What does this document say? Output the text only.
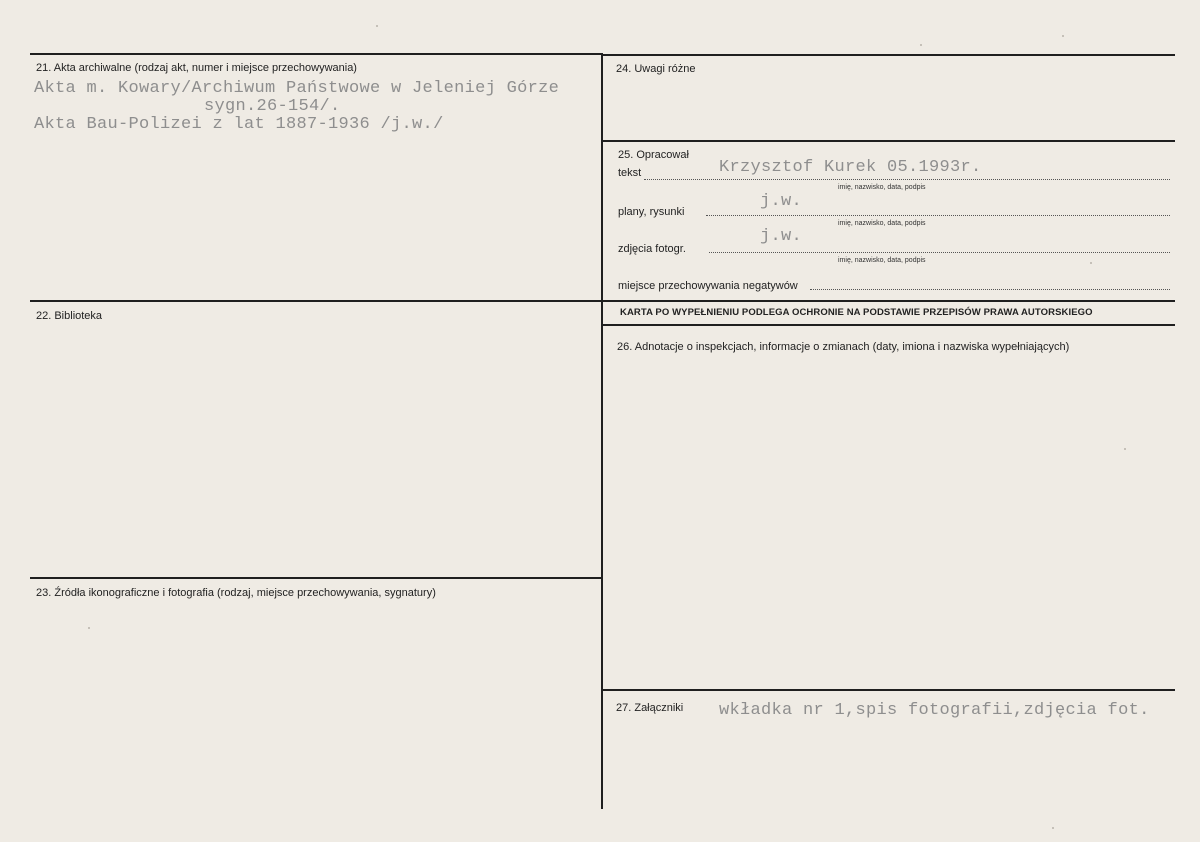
21. Akta archiwalne (rodzaj akt, numer i miejsce przechowywania)
Akta m. Kowary/Archiwum Państwowe w Jeleniej Górze
sygn.26-154/.
Akta Bau-Polizei z lat 1887-1936 /j.w./
22. Biblioteka
23. Źródła ikonograficzne i fotografia (rodzaj, miejsce przechowywania, sygnatury)
24. Uwagi różne
25. Opracował
tekst	Krzysztof Kurek 05.1993r.
imię, nazwisko, data, podpis
plany, rysunki
j.w.
imię, nazwisko, data, podpis
zdjęcia fotogr.
j.w.
imię, nazwisko, data, podpis
miejsce przechowywania negatywów
KARTA PO WYPEŁNIENIU PODLEGA OCHRONIE NA PODSTAWIE PRZEPISÓW PRAWA AUTORSKIEGO
26. Adnotacje o inspekcjach, informacje o zmianach (daty, imiona i nazwiska wypełniających)
27. Załączniki wkładka nr 1,spis fotografii,zdjęcia fot.
